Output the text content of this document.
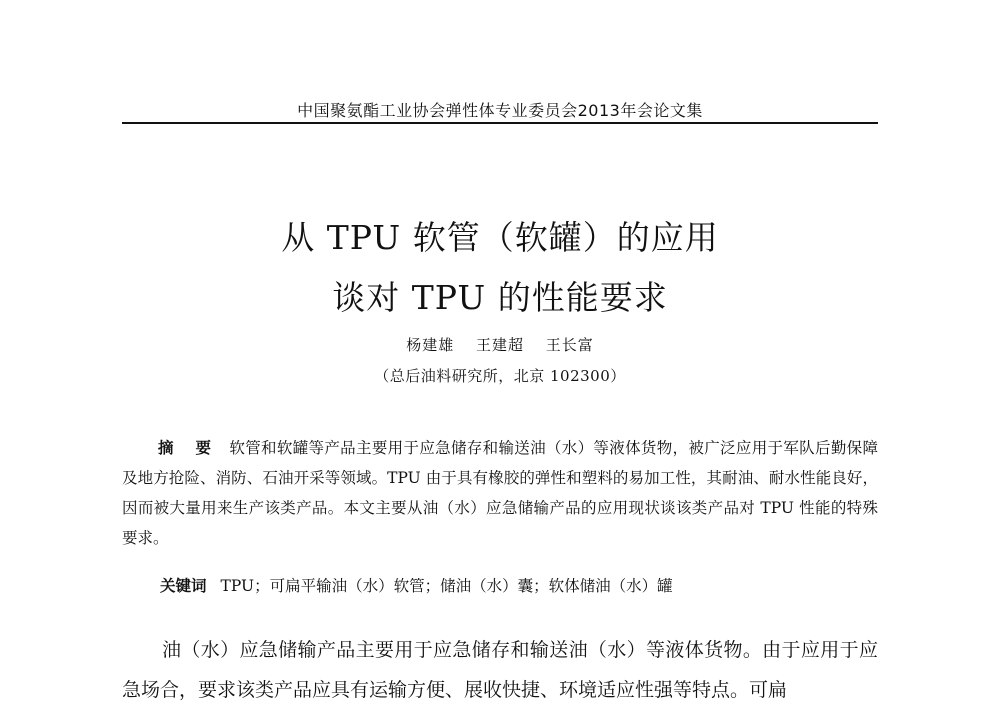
中国聚氨酯工业协会弹性体专业委员会2013年会论文集
从 TPU 软管（软罐）的应用
谈对 TPU 的性能要求
杨建雄 王建超 王长富
（总后油料研究所，北京 102300）
摘 要 软管和软罐等产品主要用于应急储存和输送油（水）等液体货物，被广泛应用于军队后勤保障及地方抢险、消防、石油开采等领域。TPU 由于具有橡胶的弹性和塑料的易加工性，其耐油、耐水性能良好，因而被大量用来生产该类产品。本文主要从油（水）应急储输产品的应用现状谈该类产品对 TPU 性能的特殊要求。
关键词 TPU；可扁平输油（水）软管；储油（水）囊；软体储油（水）罐
油（水）应急储输产品主要用于应急储存和输送油（水）等液体货物。由于应用于应急场合，要求该类产品应具有运输方便、展收快捷、环境适应性强等特点。可扁
